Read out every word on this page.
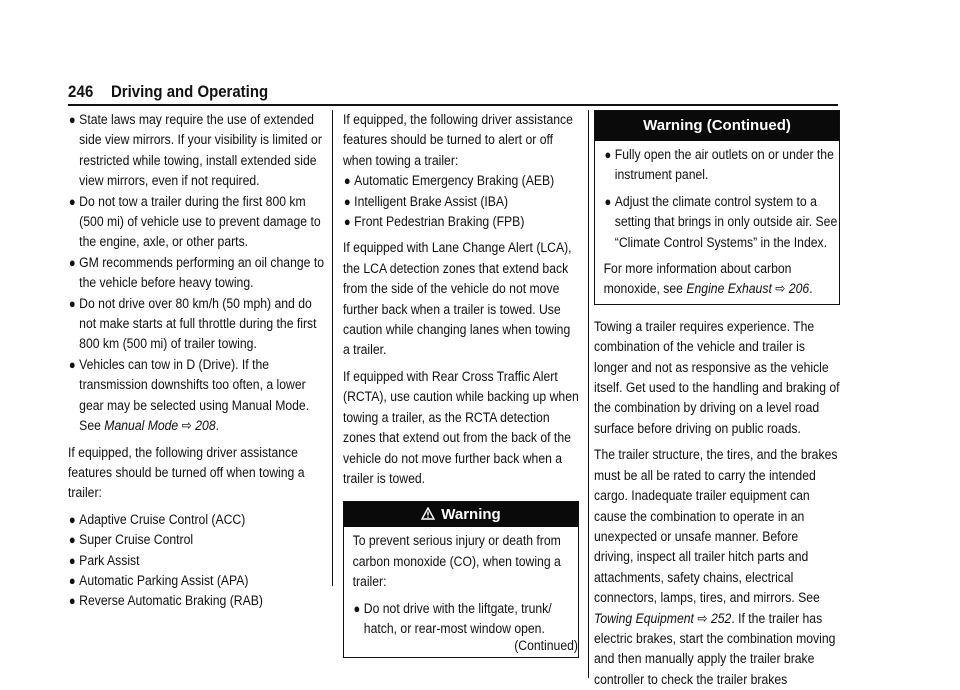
246 Driving and Operating

● State laws may require the use of extended side view mirrors. If your visibility is limited or restricted while towing, install extended side view mirrors, even if not required.

● Do not tow a trailer during the first 800 km (500 mi) of vehicle use to prevent damage to the engine, axle, or other parts.

● GM recommends performing an oil change to the vehicle before heavy towing.

● Do not drive over 80 km/h (50 mph) and do not make starts at full throttle during the first 800 km (500 mi) of trailer towing.

● Vehicles can tow in D (Drive). If the transmission downshifts too often, a lower gear may be selected using Manual Mode. See Manual Mode ⇨ 208.

If equipped, the following driver assistance features should be turned off when towing a trailer:

● Adaptive Cruise Control (ACC)

● Super Cruise Control

● Park Assist

● Automatic Parking Assist (APA)

● Reverse Automatic Braking (RAB)

If equipped, the following driver assistance features should be turned to alert or off when towing a trailer:

● Automatic Emergency Braking (AEB)

● Intelligent Brake Assist (IBA)

● Front Pedestrian Braking (FPB)

If equipped with Lane Change Alert (LCA), the LCA detection zones that extend back from the side of the vehicle do not move further back when a trailer is towed. Use caution while changing lanes when towing a trailer.

If equipped with Rear Cross Traffic Alert (RCTA), use caution while backing up when towing a trailer, as the RCTA detection zones that extend out from the back of the vehicle do not move further back when a trailer is towed.

Warning

To prevent serious injury or death from carbon monoxide (CO), when towing a trailer:

● Do not drive with the liftgate, trunk/ hatch, or rear-most window open.

(Continued)

Warning (Continued)

● Fully open the air outlets on or under the instrument panel.

● Adjust the climate control system to a setting that brings in only outside air. See “Climate Control Systems” in the Index.

For more information about carbon monoxide, see Engine Exhaust ⇨ 206.

Towing a trailer requires experience. The combination of the vehicle and trailer is longer and not as responsive as the vehicle itself. Get used to the handling and braking of the combination by driving on a level road surface before driving on public roads.

The trailer structure, the tires, and the brakes must be all be rated to carry the intended cargo. Inadequate trailer equipment can cause the combination to operate in an unexpected or unsafe manner. Before driving, inspect all trailer hitch parts and attachments, safety chains, electrical connectors, lamps, tires, and mirrors. See Towing Equipment ⇨ 252. If the trailer has electric brakes, start the combination moving and then manually apply the trailer brake controller to check the trailer brakes
